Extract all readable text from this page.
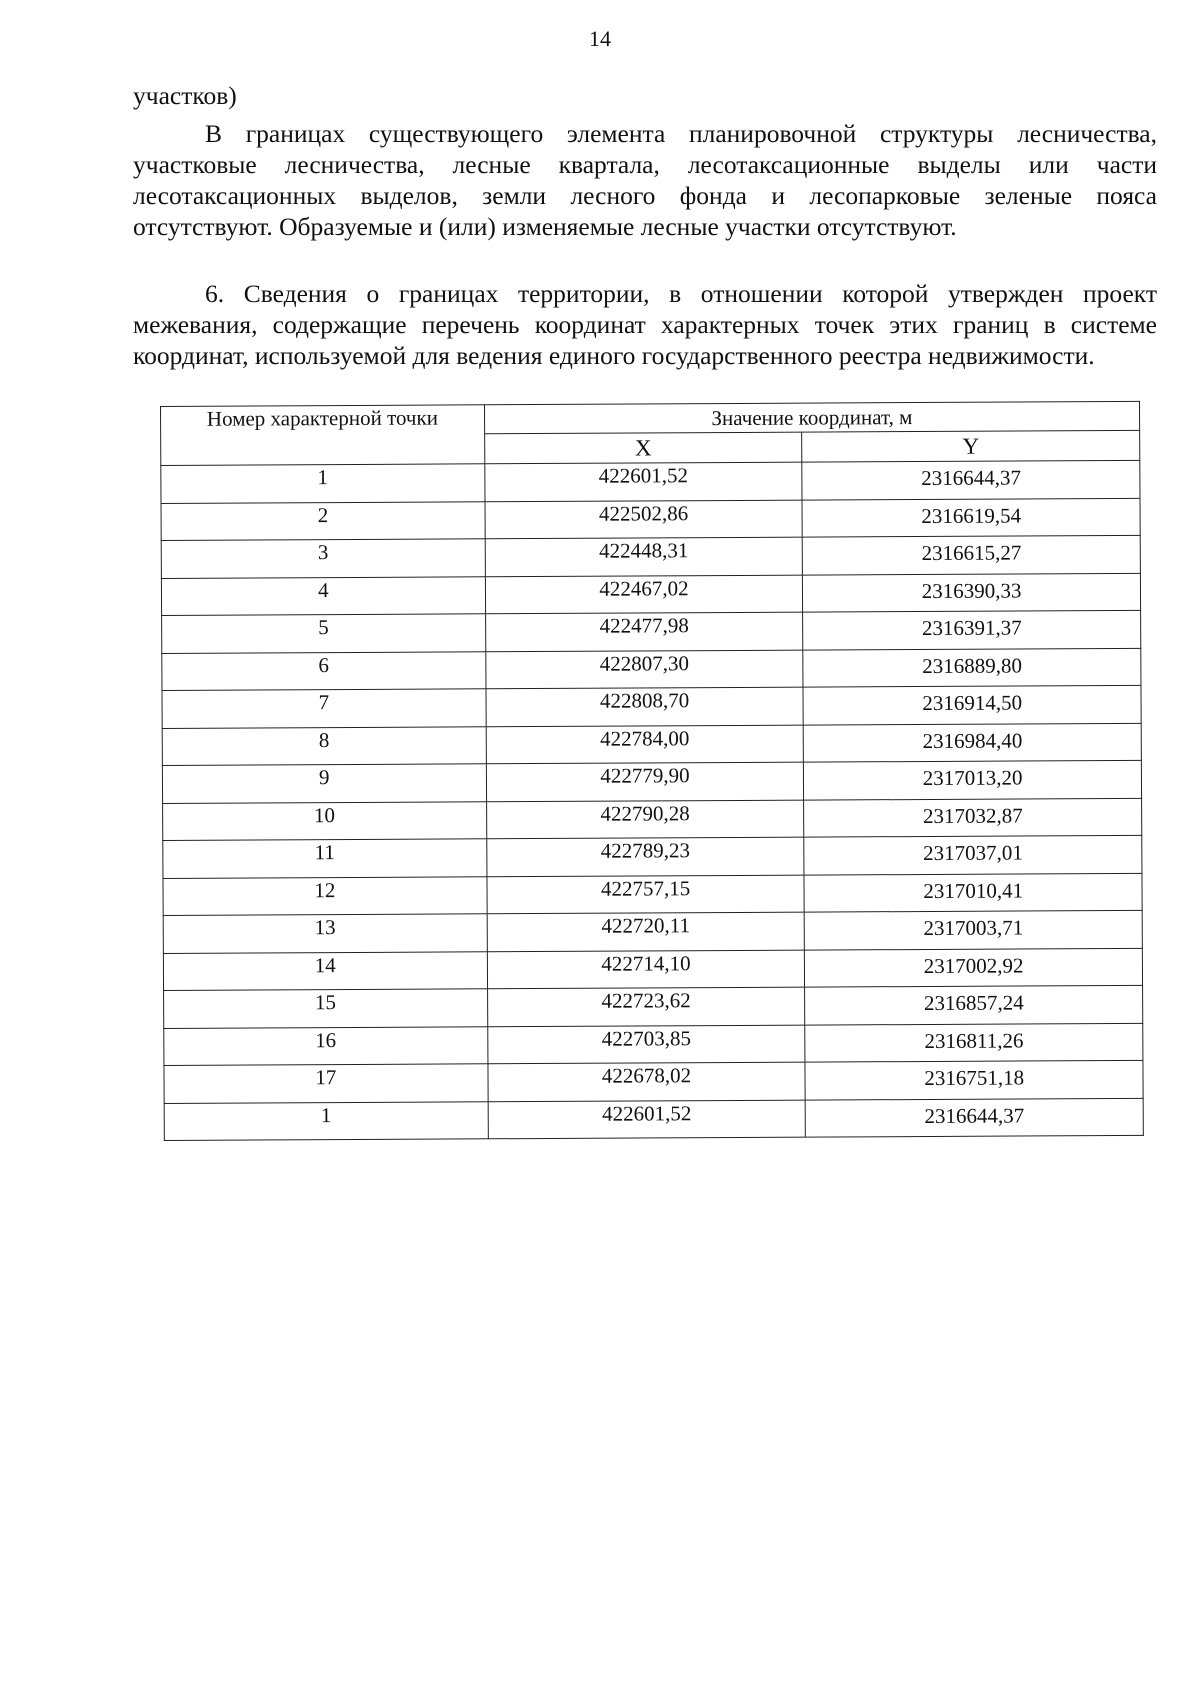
14
участков)
В границах существующего элемента планировочной структуры лесничества, участковые лесничества, лесные квартала, лесотаксационные выделы или части лесотаксационных выделов, земли лесного фонда и лесопарковые зеленые пояса отсутствуют. Образуемые и (или) изменяемые лесные участки отсутствуют.
6. Сведения о границах территории, в отношении которой утвержден проект межевания, содержащие перечень координат характерных точек этих границ в системе координат, используемой для ведения единого государственного реестра недвижимости.
Номер характерной точки	Значение координат, м	
	X	Y
1	422601,52	2316644,37
2	422502,86	2316619,54
3	422448,31	2316615,27
4	422467,02	2316390,33
5	422477,98	2316391,37
6	422807,30	2316889,80
7	422808,70	2316914,50
8	422784,00	2316984,40
9	422779,90	2317013,20
10	422790,28	2317032,87
11	422789,23	2317037,01
12	422757,15	2317010,41
13	422720,11	2317003,71
14	422714,10	2317002,92
15	422723,62	2316857,24
16	422703,85	2316811,26
17	422678,02	2316751,18
1	422601,52	2316644,37
